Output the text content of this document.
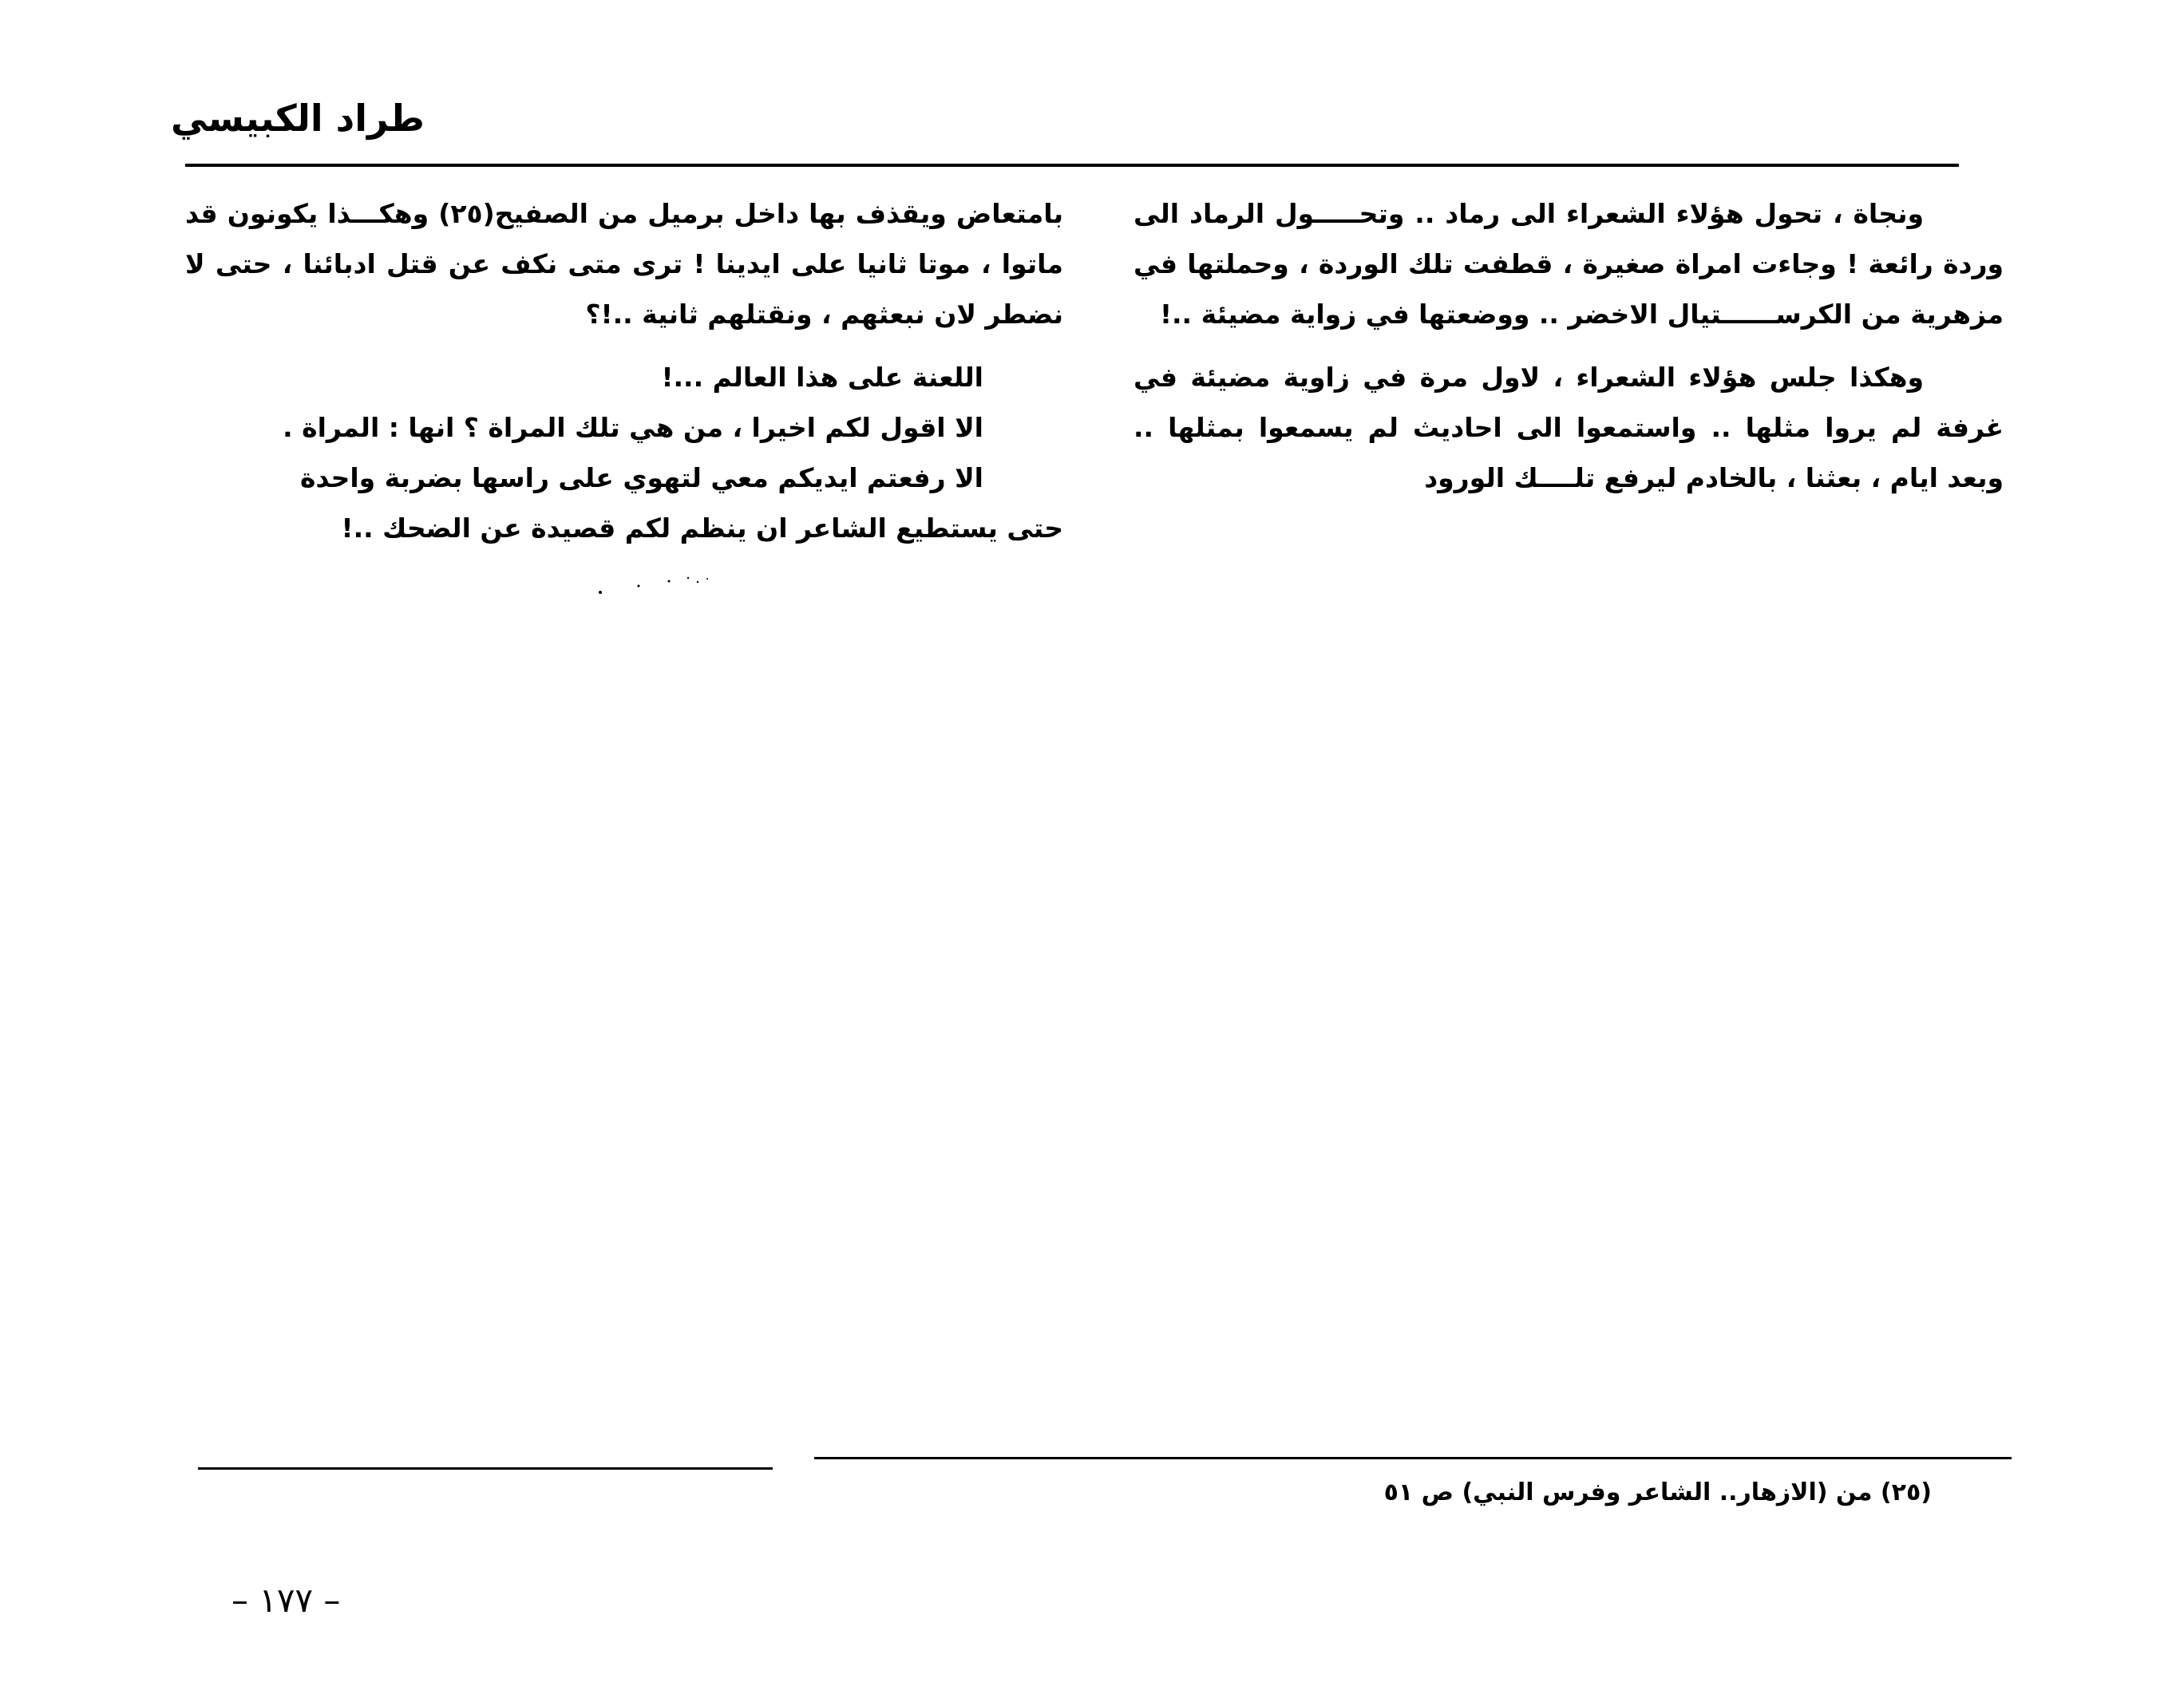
طراد الكبيسي

ونجاة ، تحول هؤلاء الشعراء الى رماد .. وتحـــــول الرماد الى وردة رائعة ! وجاءت امراة صغيرة ، قطفت تلك الوردة ، وحملتها في مزهرية من الكرســــــتيال الاخضر .. ووضعتها في زواية مضيئة ..!

وهكذا جلس هؤلاء الشعراء ، لاول مرة في زاوية مضيئة في غرفة لم يروا مثلها .. واستمعوا الى احاديث لم يسمعوا بمثلها .. وبعد ايام ، بعثنا ، بالخادم ليرفع تلــــك الورود

بامتعاض ويقذف بها داخل برميل من الصفيح(٢٥) وهكـــذا يكونون قد ماتوا ، موتا ثانيا على ايدينا ! ترى متى نكف عن قتل ادبائنا ، حتى لا نضطر لان نبعثهم ، ونقتلهم ثانية ..!؟

اللعنة على هذا العالم ...!

الا اقول لكم اخيرا ، من هي تلك المراة ؟ انها : المراة .

الا رفعتم ايديكم معي لتهوي على راسها بضربة واحدة

حتى يستطيع الشاعر ان ينظم لكم قصيدة عن الضحك ..!

(٢٥) من (الازهار.. الشاعر وفرس النبي) ص ٥١
– ١٧٧ –
